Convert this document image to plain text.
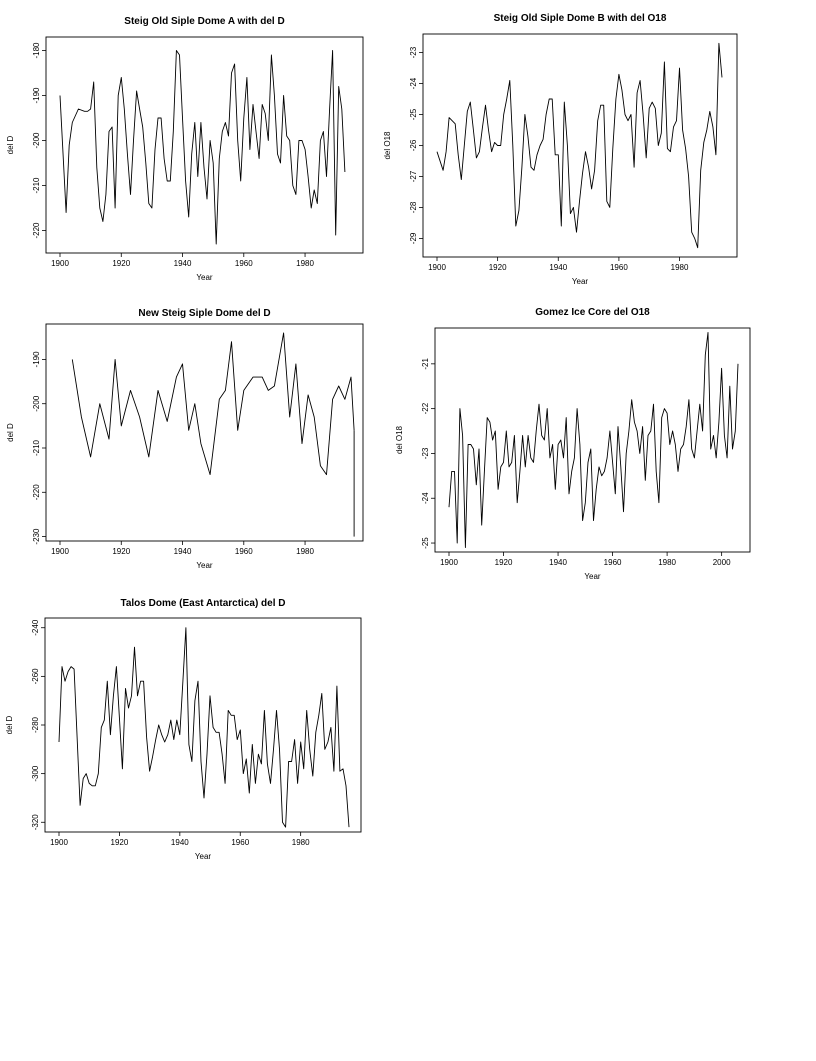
Steig Old Siple Dome A with del D
1900	1920	1940	1960	1980
-220
-210
-200
-190
-180
Year
del D
Steig Old Siple Dome B with del O18
1900	1920	1940	1960	1980
-29
-28
-27
-26
-25
-24
-23
Year
del O18
New Steig Siple Dome del D
1900	1920	1940	1960	1980
-230
-220
-210
-200
-190
Year
del D
Gomez Ice Core del O18
1900	1920	1940	1960	1980	2000
-25
-24
-23
-22
-21
Year
del O18
Talos Dome (East Antarctica) del D
1900	1920	1940	1960	1980
-320
-300
-280
-260
-240
Year
del D
